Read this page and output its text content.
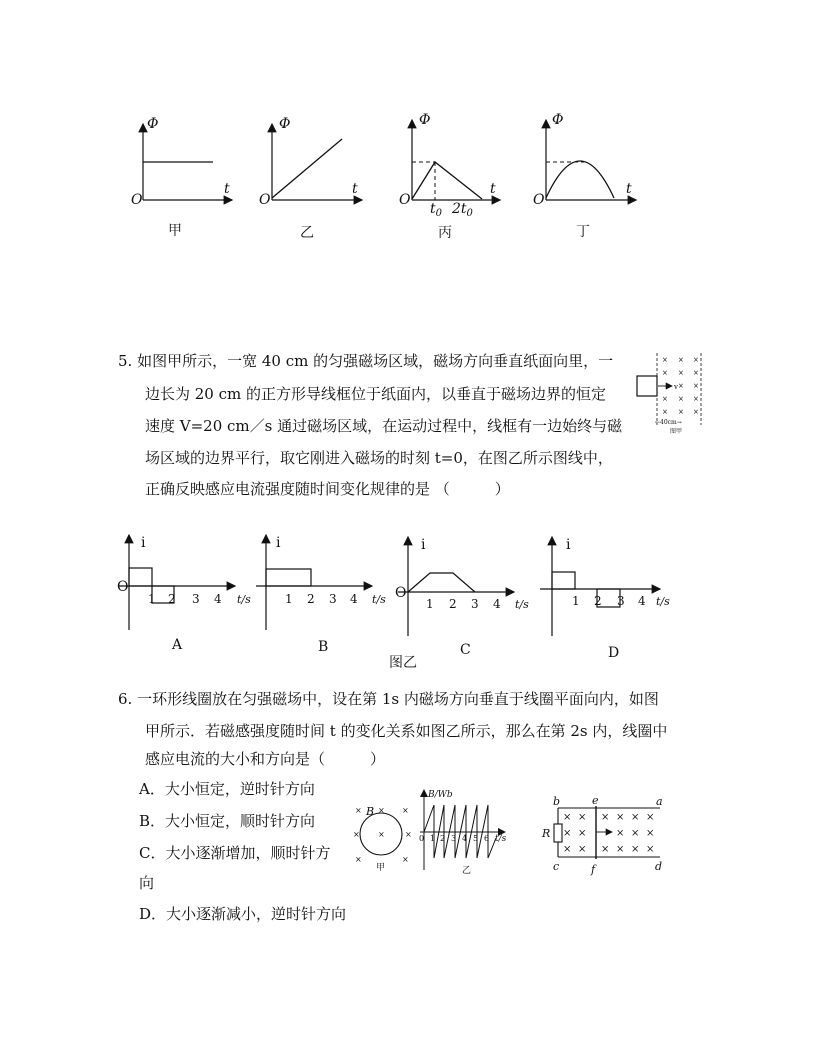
Φ
t
O
甲
Φ
t
O
乙
Φ
t
O
$t_0$ $2t_0$
丙
Φ
t
O
丁
5. 如图甲所示，一宽 40 cm 的匀强磁场区域，磁场方向垂直纸面向里，一
边长为 20 cm 的正方形导线框位于纸面内，以垂直于磁场边界的恒定
速度 V=20 cm／s 通过磁场区域，在运动过程中，线框有一边始终与磁
场区域的边界平行，取它刚进入磁场的时刻 t=0，在图乙所示图线中，
正确反映感应电流强度随时间变化规律的是 （　　　）
× × ×
× × ×
× ×
× × ×
× × ×
v
←40cm→
图甲
i
O
1 2 3 4 t/s
A
i
1 2 3 4 t/s
B
i
O
1 2 3 4 t/s
C
i
1 2 3 4 t/s
D
图乙
6. 一环形线圈放在匀强磁场中，设在第 1s 内磁场方向垂直于线圈平面向内，如图
甲所示．若磁感强度随时间 t 的变化关系如图乙所示，那么在第 2s 内，线圈中
感应电流的大小和方向是（　　　）
A．大小恒定，逆时针方向
B．大小恒定，顺时针方向
C．大小逐渐增加，顺时针方
向
D．大小逐渐减小，逆时针方向
× × ×
× ×	×
×	×
B
甲
B/Wb
0 1 2 3 4 5 6 t/s
乙
× × × × × ×
× ×	× × ×
× × × × × ×
b	e	a
R
c	f	d
